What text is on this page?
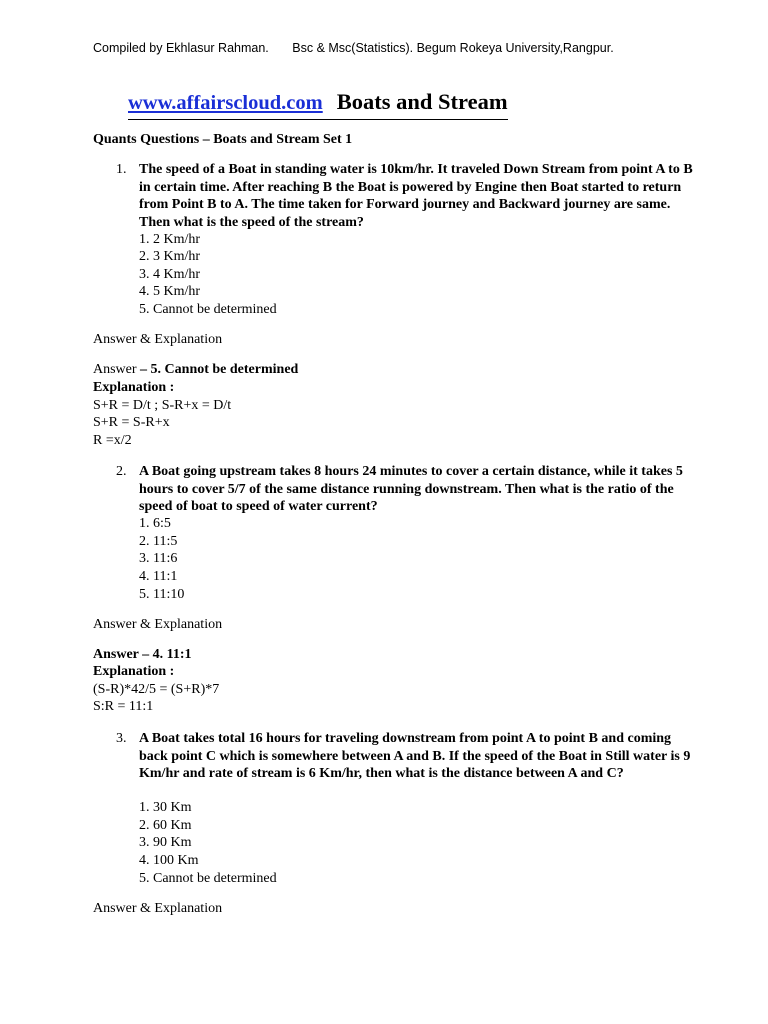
Compiled by Ekhlasur Rahman. Bsc & Msc(Statistics). Begum Rokeya University,Rangpur.
www.affairscloud.com Boats and Stream
Quants Questions – Boats and Stream Set 1
1. The speed of a Boat in standing water is 10km/hr. It traveled Down Stream from point A to B in certain time. After reaching B the Boat is powered by Engine then Boat started to return from Point B to A. The time taken for Forward journey and Backward journey are same. Then what is the speed of the stream?
1. 2 Km/hr
2. 3 Km/hr
3. 4 Km/hr
4. 5 Km/hr
5. Cannot be determined
Answer & Explanation
Answer – 5. Cannot be determined
Explanation :
S+R = D/t ; S-R+x = D/t
S+R = S-R+x
R =x/2
2. A Boat going upstream takes 8 hours 24 minutes to cover a certain distance, while it takes 5 hours to cover 5/7 of the same distance running downstream. Then what is the ratio of the speed of boat to speed of water current?
1. 6:5
2. 11:5
3. 11:6
4. 11:1
5. 11:10
Answer & Explanation
Answer – 4. 11:1
Explanation :
(S-R)*42/5 = (S+R)*7
S:R = 11:1
3. A Boat takes total 16 hours for traveling downstream from point A to point B and coming back point C which is somewhere between A and B. If the speed of the Boat in Still water is 9 Km/hr and rate of stream is 6 Km/hr, then what is the distance between A and C?
1. 30 Km
2. 60 Km
3. 90 Km
4. 100 Km
5. Cannot be determined
Answer & Explanation
